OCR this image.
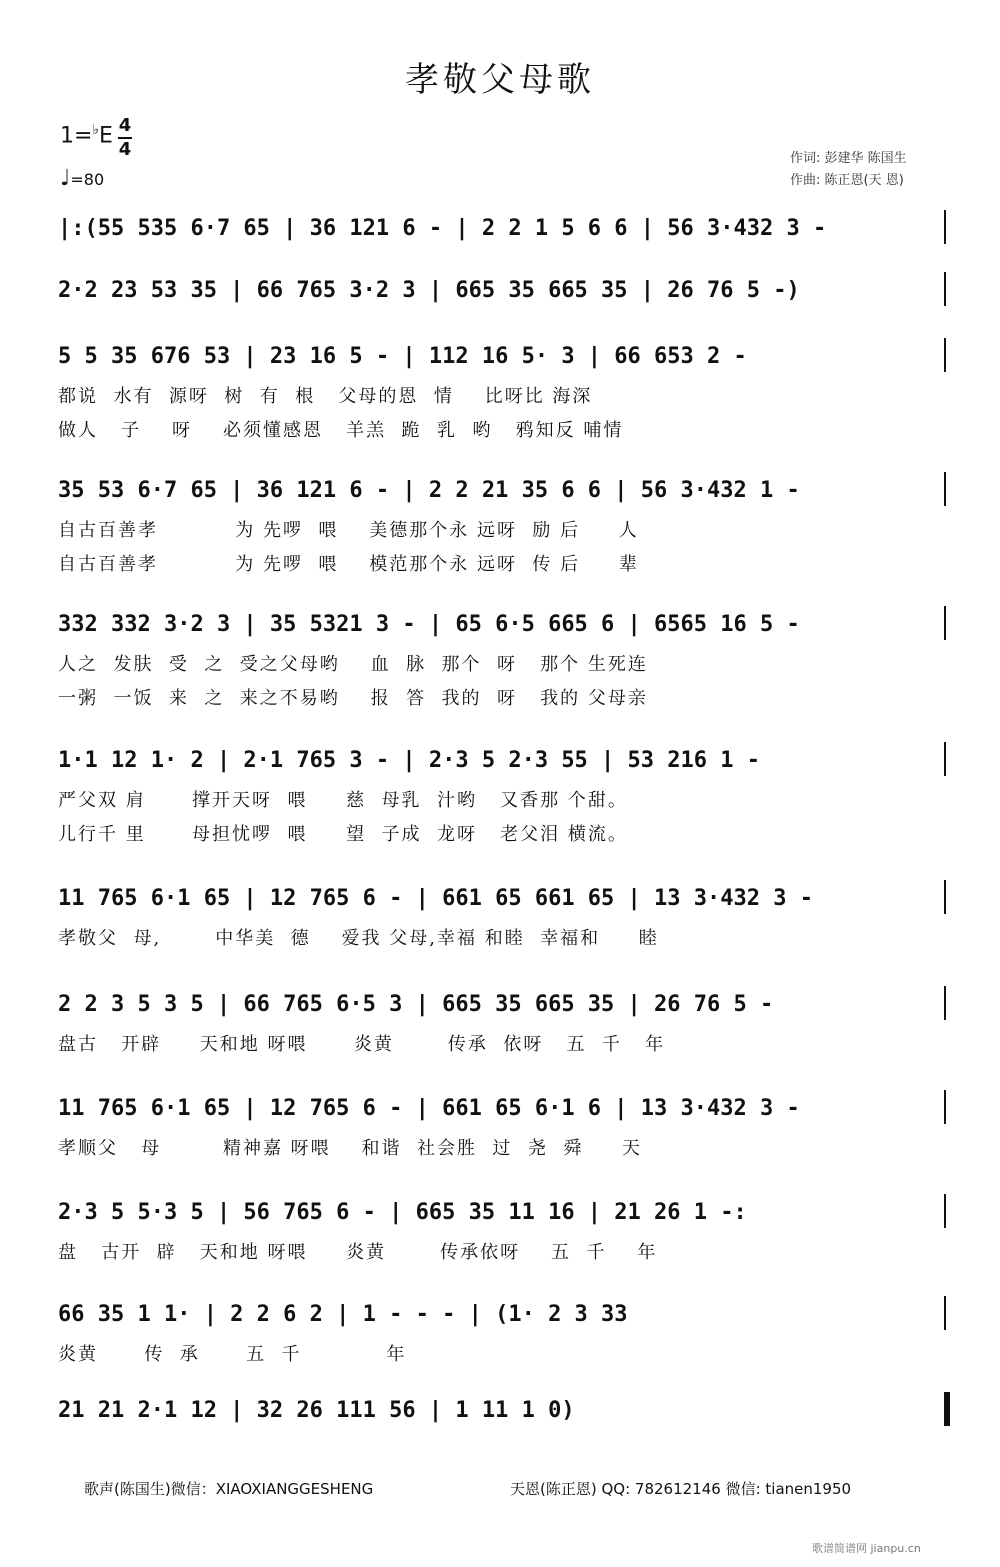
孝敬父母歌
1=♭E 4
4
♩=80
作词: 彭建华 陈国生
作曲: 陈正恩(天 恩)
|:(55 535 6·7 65 | 36 121 6 - | 2 2 1 5 6 6 | 56 3·432 3 -
2·2 23 53 35 | 66 765 3·2 3 | 665 35 665 35 | 26 76 5 -)
5 5 35 676 53 | 23 16 5 - | 112 16 5· 3 | 66 653 2 -
都说  水有  源呀  树  有  根   父母的恩  情    比呀比 海深
做人   子    呀    必须懂感恩   羊羔  跪  乳  哟   鸦知反 哺情
35 53 6·7 65 | 36 121 6 - | 2 2 21 35 6 6 | 56 3·432 1 -
自古百善孝          为 先啰  喂    美德那个永 远呀  励 后     人
自古百善孝          为 先啰  喂    模范那个永 远呀  传 后     辈
332 332 3·2 3 | 35 5321 3 - | 65 6·5 665 6 | 6565 16 5 -
人之  发肤  受  之  受之父母哟    血  脉  那个  呀   那个 生死连
一粥  一饭  来  之  来之不易哟    报  答  我的  呀   我的 父母亲
1·1 12 1· 2 | 2·1 765 3 - | 2·3 5 2·3 55 | 53 216 1 -
严父双 肩      撑开天呀  喂     慈  母乳  汁哟   又香那 个甜。
儿行千 里      母担忧啰  喂     望  子成  龙呀   老父泪 横流。
11 765 6·1 65 | 12 765 6 - | 661 65 661 65 | 13 3·432 3 -
孝敬父  母,       中华美  德    爱我 父母,幸福 和睦  幸福和     睦
2 2 3 5 3 5 | 66 765 6·5 3 | 665 35 665 35 | 26 76 5 -
盘古   开辟     天和地 呀喂      炎黄       传承  依呀   五  千   年
11 765 6·1 65 | 12 765 6 - | 661 65 6·1 6 | 13 3·432 3 -
孝顺父   母        精神嘉 呀喂    和谐  社会胜  过  尧  舜     天
2·3 5 5·3 5 | 56 765 6 - | 665 35 11 16 | 21 26 1 -:
盘   古开  辟   天和地 呀喂     炎黄       传承依呀    五  千    年
66 35 1 1· | 2 2 6 2 | 1 - - - | (1· 2 3 33
炎黄      传  承      五  千           年
21 21 2·1 12 | 32 26 111 56 | 1 11 1 0)
歌声(陈国生)微信：XIAOXIANGGESHENG	天恩(陈正恩) QQ: 782612146 微信: tianen1950
歌谱简谱网 jianpu.cn
